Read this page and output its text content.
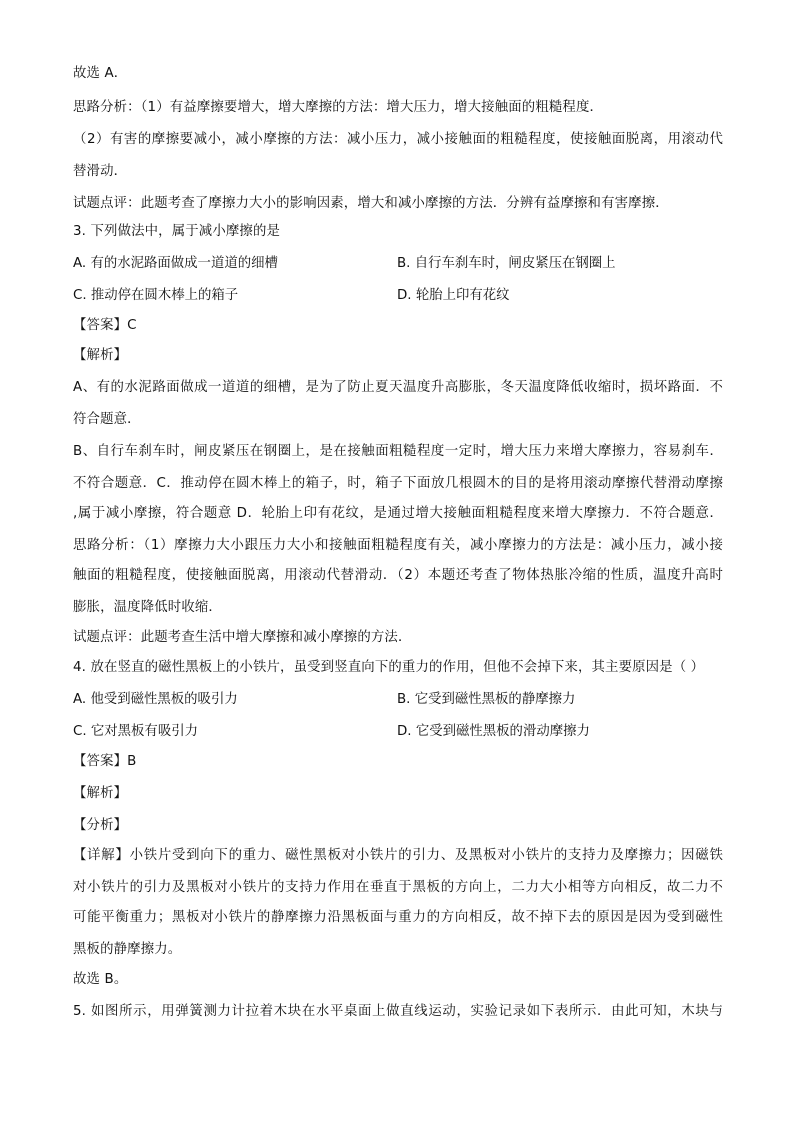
故选 A．
思路分析：（1）有益摩擦要增大，增大摩擦的方法：增大压力，增大接触面的粗糙程度．
（2）有害的摩擦要减小，减小摩擦的方法：减小压力，减小接触面的粗糙程度，使接触面脱离，用滚动代
替滑动．
试题点评：此题考查了摩擦力大小的影响因素，增大和减小摩擦的方法．分辨有益摩擦和有害摩擦．
3. 下列做法中，属于减小摩擦的是
A. 有的水泥路面做成一道道的细槽	B. 自行车刹车时，闸皮紧压在钢圈上
C. 推动停在圆木棒上的箱子	D. 轮胎上印有花纹
【答案】C
【解析】
A、有的水泥路面做成一道道的细槽，是为了防止夏天温度升高膨胀，冬天温度降低收缩时，损坏路面．不
符合题意．
B、自行车刹车时，闸皮紧压在钢圈上，是在接触面粗糙程度一定时，增大压力来增大摩擦力，容易刹车．
不符合题意．C．推动停在圆木棒上的箱子，时，箱子下面放几根圆木的目的是将用滚动摩擦代替滑动摩擦
,属于减小摩擦，符合题意 D．轮胎上印有花纹，是通过增大接触面粗糙程度来增大摩擦力．不符合题意．
思路分析：（1）摩擦力大小跟压力大小和接触面粗糙程度有关，减小摩擦力的方法是：减小压力，减小接
触面的粗糙程度，使接触面脱离，用滚动代替滑动．（2）本题还考查了物体热胀冷缩的性质，温度升高时
膨胀，温度降低时收缩．
试题点评：此题考查生活中增大摩擦和减小摩擦的方法．
4. 放在竖直的磁性黑板上的小铁片，虽受到竖直向下的重力的作用，但他不会掉下来，其主要原因是（ ）
A. 他受到磁性黑板的吸引力	B. 它受到磁性黑板的静摩擦力
C. 它对黑板有吸引力	D. 它受到磁性黑板的滑动摩擦力
【答案】B
【解析】
【分析】
【详解】小铁片受到向下的重力、磁性黑板对小铁片的引力、及黑板对小铁片的支持力及摩擦力；因磁铁
对小铁片的引力及黑板对小铁片的支持力作用在垂直于黑板的方向上，二力大小相等方向相反，故二力不
可能平衡重力；黑板对小铁片的静摩擦力沿黑板面与重力的方向相反，故不掉下去的原因是因为受到磁性
黑板的静摩擦力。
故选 B。
5. 如图所示，用弹簧测力计拉着木块在水平桌面上做直线运动，实验记录如下表所示．由此可知，木块与
